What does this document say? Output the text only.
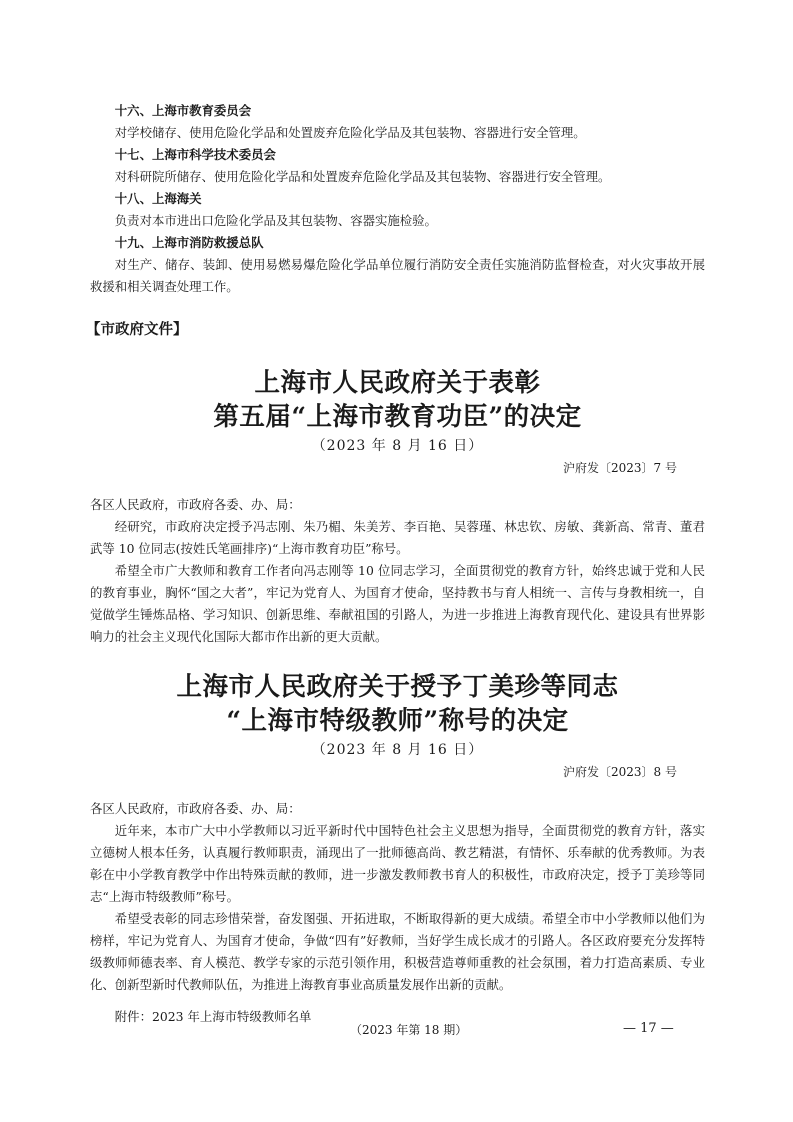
十六、上海市教育委员会

对学校储存、使用危险化学品和处置废弃危险化学品及其包装物、容器进行安全管理。

十七、上海市科学技术委员会

对科研院所储存、使用危险化学品和处置废弃危险化学品及其包装物、容器进行安全管理。

十八、上海海关

负责对本市进出口危险化学品及其包装物、容器实施检验。

十九、上海市消防救援总队

对生产、储存、装卸、使用易燃易爆危险化学品单位履行消防安全责任实施消防监督检查，对火灾事故开展救援和相关调查处理工作。

【市政府文件】
上海市人民政府关于表彰
第五届“上海市教育功臣”的决定
（2023 年 8 月 16 日）
沪府发〔2023〕7 号

各区人民政府，市政府各委、办、局：

经研究，市政府决定授予冯志刚、朱乃楣、朱美芳、李百艳、吴蓉瑾、林忠钦、房敏、龚新高、常青、董君武等 10 位同志(按姓氏笔画排序)“上海市教育功臣”称号。

希望全市广大教师和教育工作者向冯志刚等 10 位同志学习，全面贯彻党的教育方针，始终忠诚于党和人民的教育事业，胸怀“国之大者”，牢记为党育人、为国育才使命，坚持教书与育人相统一、言传与身教相统一，自觉做学生锤炼品格、学习知识、创新思维、奉献祖国的引路人，为进一步推进上海教育现代化、建设具有世界影响力的社会主义现代化国际大都市作出新的更大贡献。

上海市人民政府关于授予丁美珍等同志
“上海市特级教师”称号的决定
（2023 年 8 月 16 日）
沪府发〔2023〕8 号

各区人民政府，市政府各委、办、局：

近年来，本市广大中小学教师以习近平新时代中国特色社会主义思想为指导，全面贯彻党的教育方针，落实立德树人根本任务，认真履行教师职责，涌现出了一批师德高尚、教艺精湛，有情怀、乐奉献的优秀教师。为表彰在中小学教育教学中作出特殊贡献的教师，进一步激发教师教书育人的积极性，市政府决定，授予丁美珍等同志“上海市特级教师”称号。

希望受表彰的同志珍惜荣誉，奋发图强、开拓进取，不断取得新的更大成绩。希望全市中小学教师以他们为榜样，牢记为党育人、为国育才使命，争做“四有”好教师，当好学生成长成才的引路人。各区政府要充分发挥特级教师师德表率、育人模范、教学专家的示范引领作用，积极营造尊师重教的社会氛围，着力打造高素质、专业化、创新型新时代教师队伍，为推进上海教育事业高质量发展作出新的贡献。

附件：2023 年上海市特级教师名单

（2023 年第 18 期）	— 17 —
